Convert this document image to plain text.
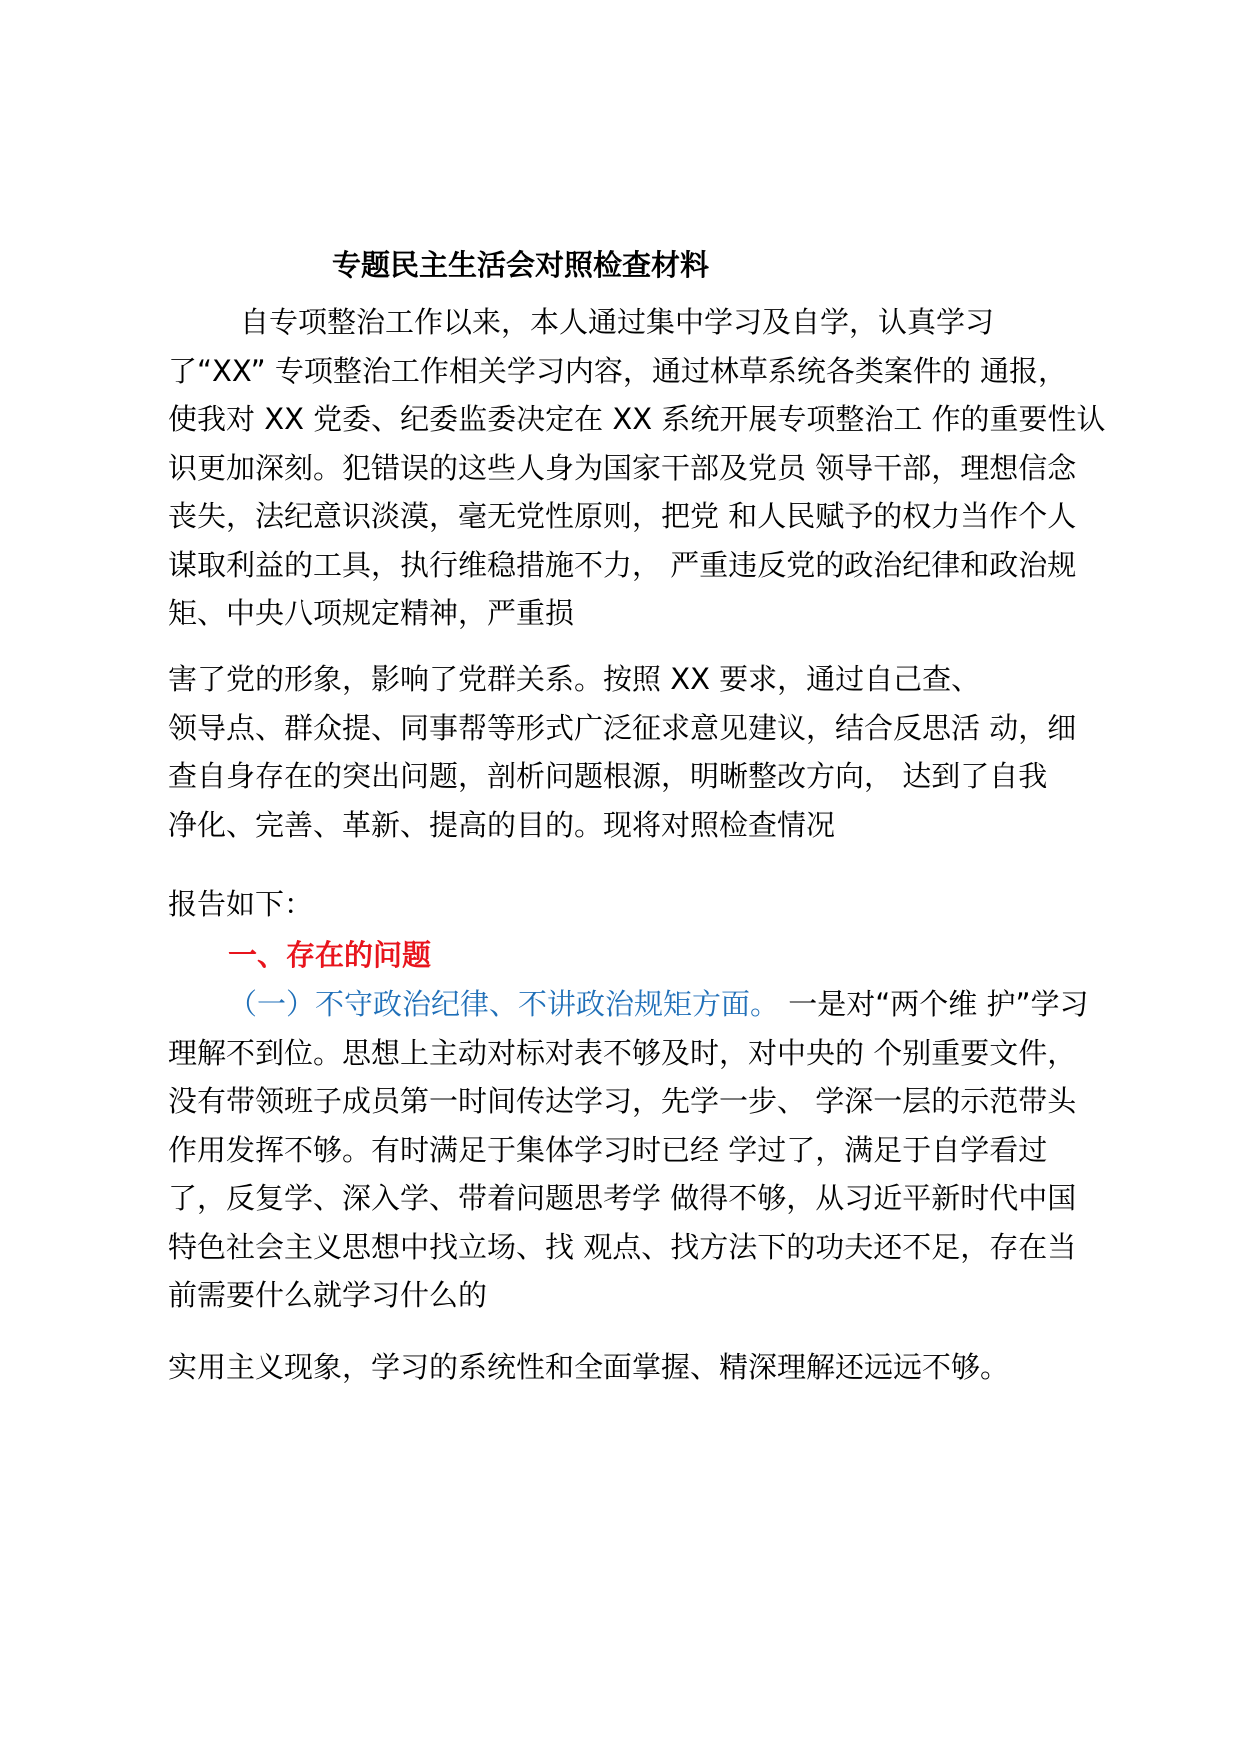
专题民主生活会对照检查材料
自专项整治工作以来，本人通过集中学习及自学，认真学习
了“XX” 专项整治工作相关学习内容，通过林草系统各类案件的 通报，
使我对 XX 党委、纪委监委决定在 XX 系统开展专项整治工 作的重要性认
识更加深刻。犯错误的这些人身为国家干部及党员 领导干部，理想信念
丧失，法纪意识淡漠，毫无党性原则，把党 和人民赋予的权力当作个人
谋取利益的工具，执行维稳措施不力， 严重违反党的政治纪律和政治规
矩、中央八项规定精神，严重损
害了党的形象，影响了党群关系。按照 XX 要求，通过自己查、
领导点、群众提、同事帮等形式广泛征求意见建议，结合反思活 动，细
查自身存在的突出问题，剖析问题根源，明晰整改方向， 达到了自我
净化、完善、革新、提高的目的。现将对照检查情况
报告如下：
一、存在的问题
（一）不守政治纪律、不讲政治规矩方面。 一是对“两个维 护”学习
理解不到位。思想上主动对标对表不够及时，对中央的 个别重要文件，
没有带领班子成员第一时间传达学习，先学一步、 学深一层的示范带头
作用发挥不够。有时满足于集体学习时已经 学过了，满足于自学看过
了，反复学、深入学、带着问题思考学 做得不够，从习近平新时代中国
特色社会主义思想中找立场、找 观点、找方法下的功夫还不足，存在当
前需要什么就学习什么的
实用主义现象，学习的系统性和全面掌握、精深理解还远远不够。
